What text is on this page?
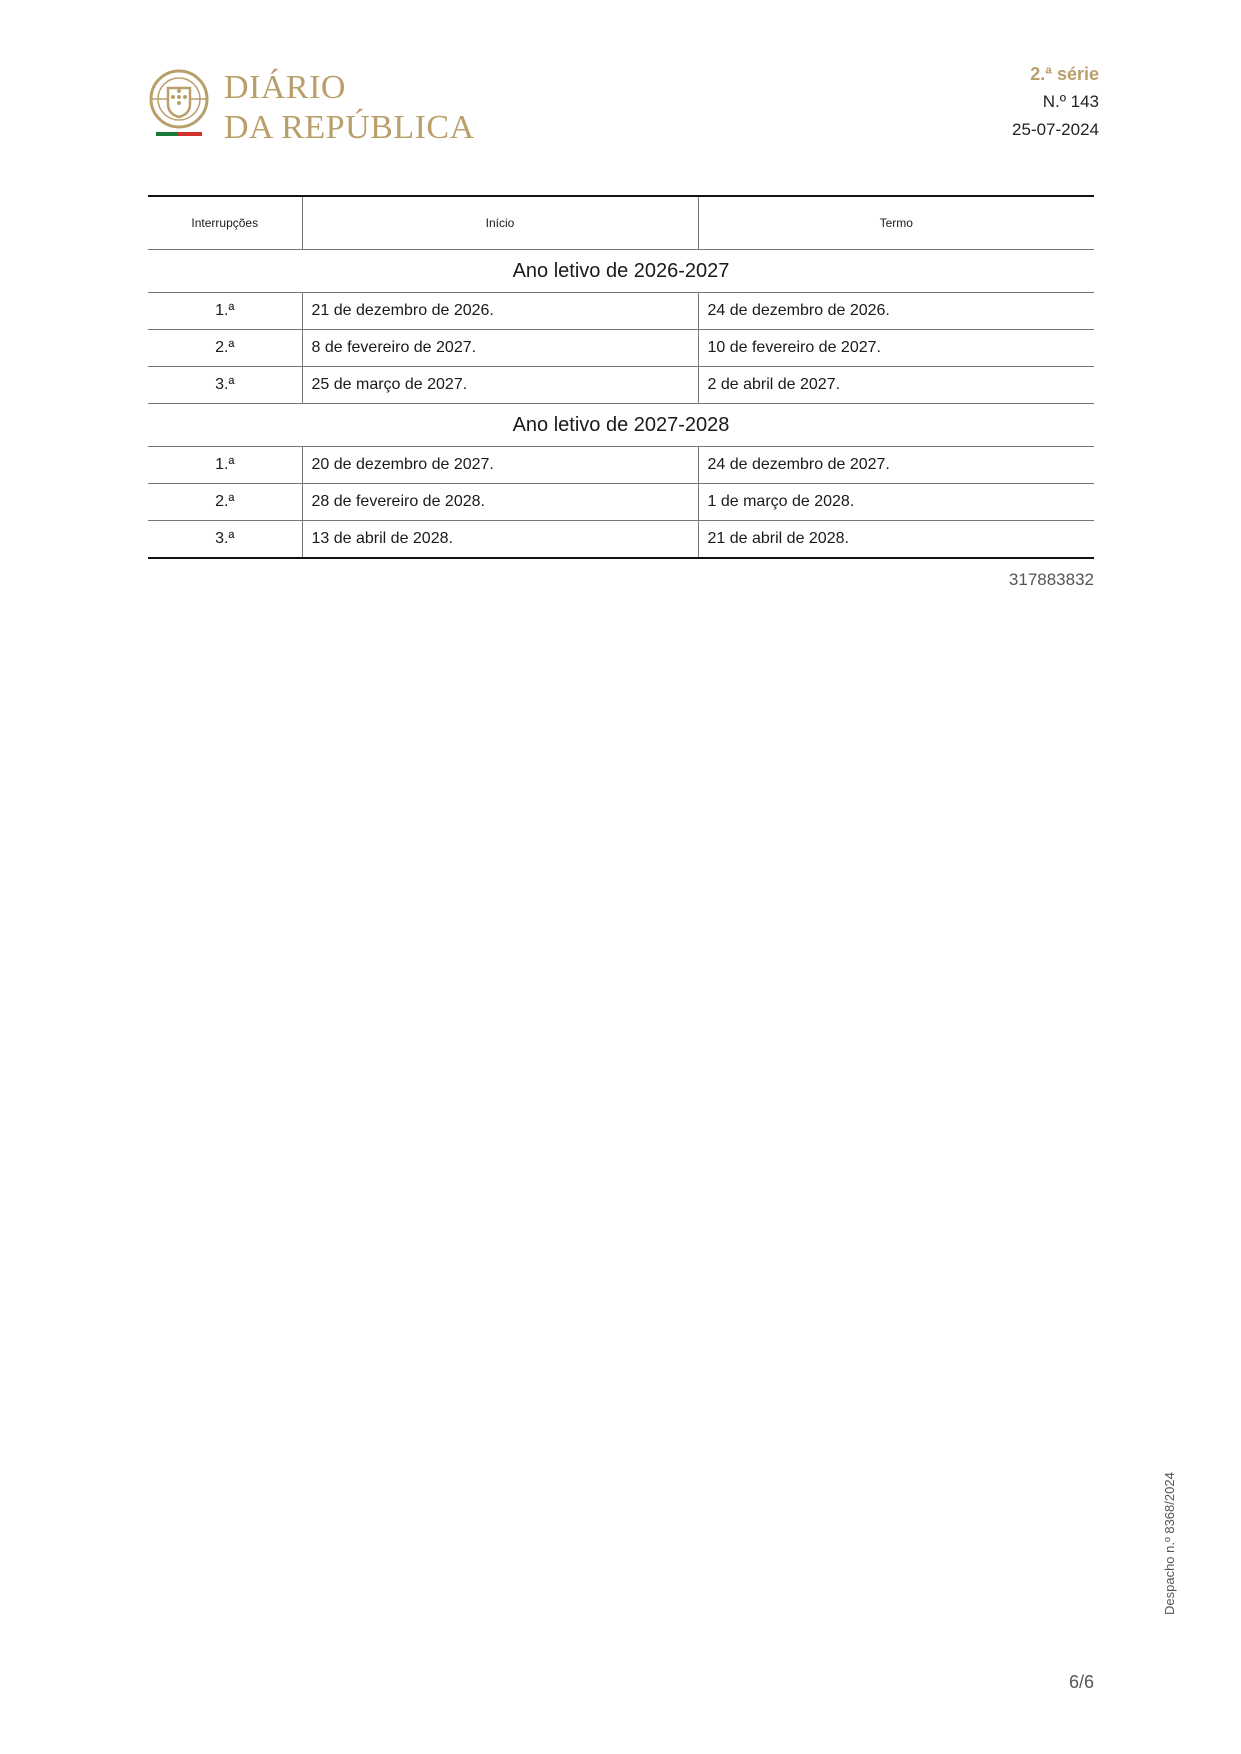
DIÁRIO
DA REPÚBLICA
2.ª série
N.º 143
25-07-2024
Interrupções	Início	Termo
Ano letivo de 2026-2027		
1.ª	21 de dezembro de 2026.	24 de dezembro de 2026.
2.ª	8 de fevereiro de 2027.	10 de fevereiro de 2027.
3.ª	25 de março de 2027.	2 de abril de 2027.
Ano letivo de 2027-2028		
1.ª	20 de dezembro de 2027.	24 de dezembro de 2027.
2.ª	28 de fevereiro de 2028.	1 de março de 2028.
3.ª	13 de abril de 2028.	21 de abril de 2028.
317883832
Despacho n.º 8368/2024
6/6
